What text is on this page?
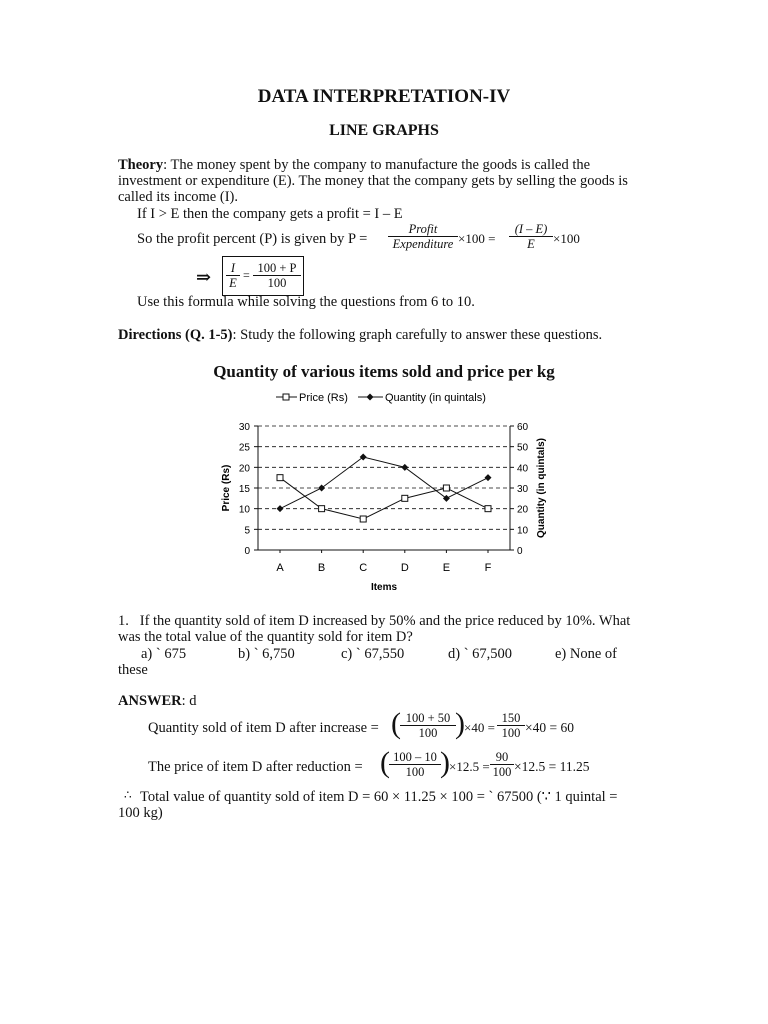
DATA INTERPRETATION-IV
LINE GRAPHS
Theory: The money spent by the company to manufacture the goods is called the investment or expenditure (E). The money that the company gets by selling the goods is called its income (I).
If I > E then the company gets a profit = I – E
So the profit percent (P) is given by P =
Profit
Expenditure $\times 100 = \frac{(I - E)}{E} \times 100$
⇒ $\frac{I}{E} = \frac{100 + P}{100}$
Use this formula while solving the questions from 6 to 10.
Directions (Q. 1-5): Study the following graph carefully to answer these questions.
Quantity of various items sold and price per kg
Price (Rs)	Quantity (in quintals)
0	0
5	10
10	20
15	30
20	40
25	50
30	60
A	B	C	D	E	F
Price (Rs)	Quantity (in quintals)
Items
1. If the quantity sold of item D increased by 50% and the price reduced by 10%. What was the total value of the quantity sold for item D?
a) ` 675	b) ` 6,750	c) ` 67,550	d) ` 67,500	e) None of
these
ANSWER: d
Quantity sold of item D after increase = ( $\frac{100 + 50}{100}$ ) $\times 40 = \frac{150}{100} \times 40 = 60$
The price of item D after reduction = ( $\frac{100 - 10}{100}$ ) $\times 12.5 = \frac{90}{100} \times 12.5 = 11.25$
∴ Total value of quantity sold of item D = 60 × 11.25 × 100 = ` 67500 (∵ 1 quintal =
100 kg)
